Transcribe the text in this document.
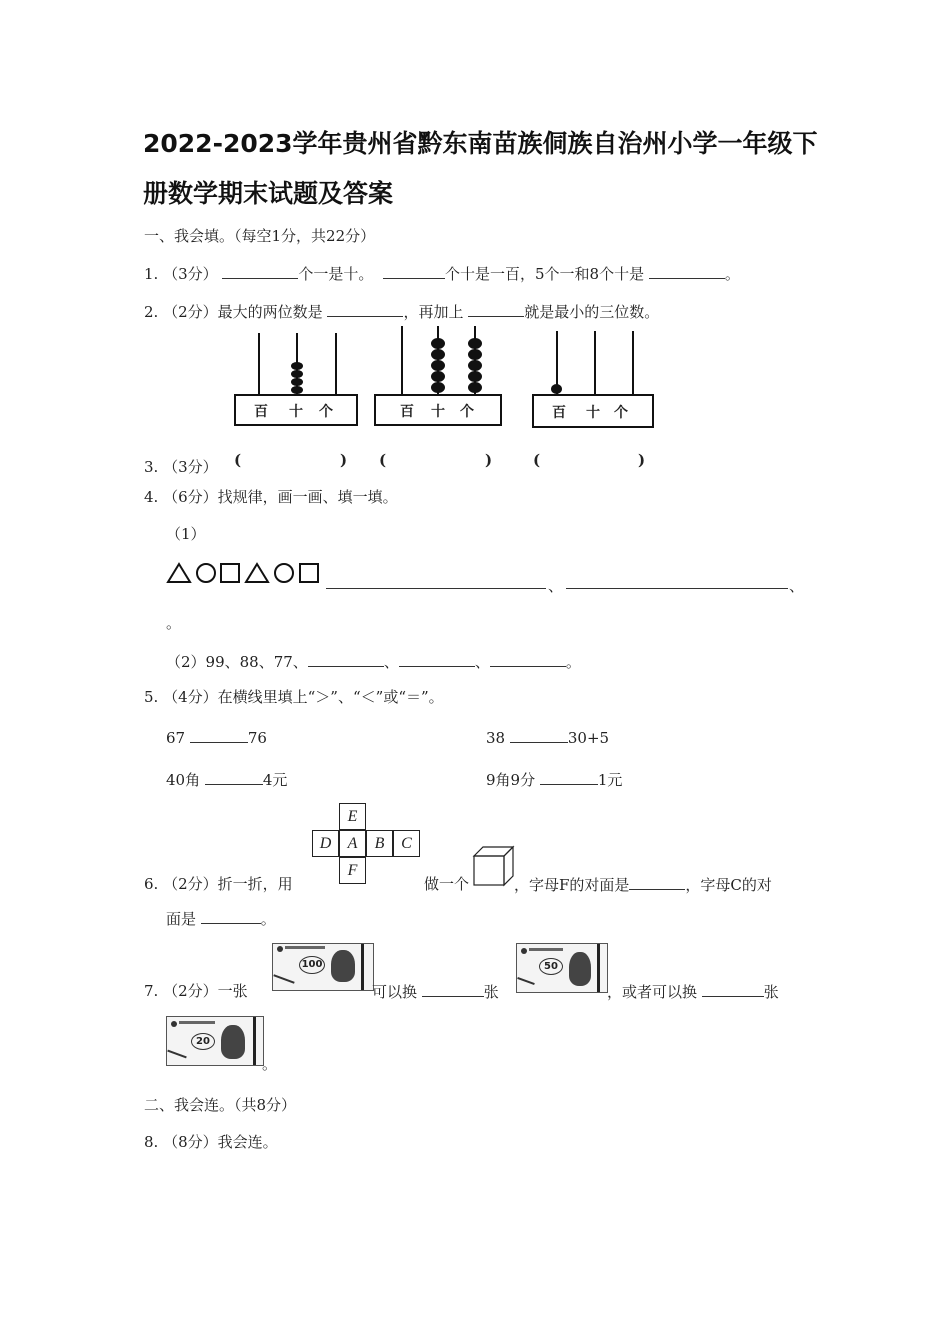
2022-2023学年贵州省黔东南苗族侗族自治州小学一年级下
册数学期末试题及答案
一、我会填。（每空1分，共22分）
1. （3分）	个一是十。	个十是一百，5个一和8个十是	。
2. （2分）最大的两位数是	，再加上	就是最小的三位数。
百 十 个	百 十 个	百 十 个
3. （3分） (	) (	)	(	)
4. （6分）找规律，画一画、填一填。
（1）
、	、
。
（2）99、88、77、	、	、	。
5. （4分）在横线里填上“＞”、“＜”或“＝”。
67	76	38	30+5
40角	4元	9角9分	1元
E
D	A	B	C
F
6. （2分）折一折，用	做一个	，字母F的对面是	，字母C的对
面是	。
100	50
7. （2分）一张	可以换	张	，或者可以换	张
20
。
二、我会连。（共8分）
8. （8分）我会连。
